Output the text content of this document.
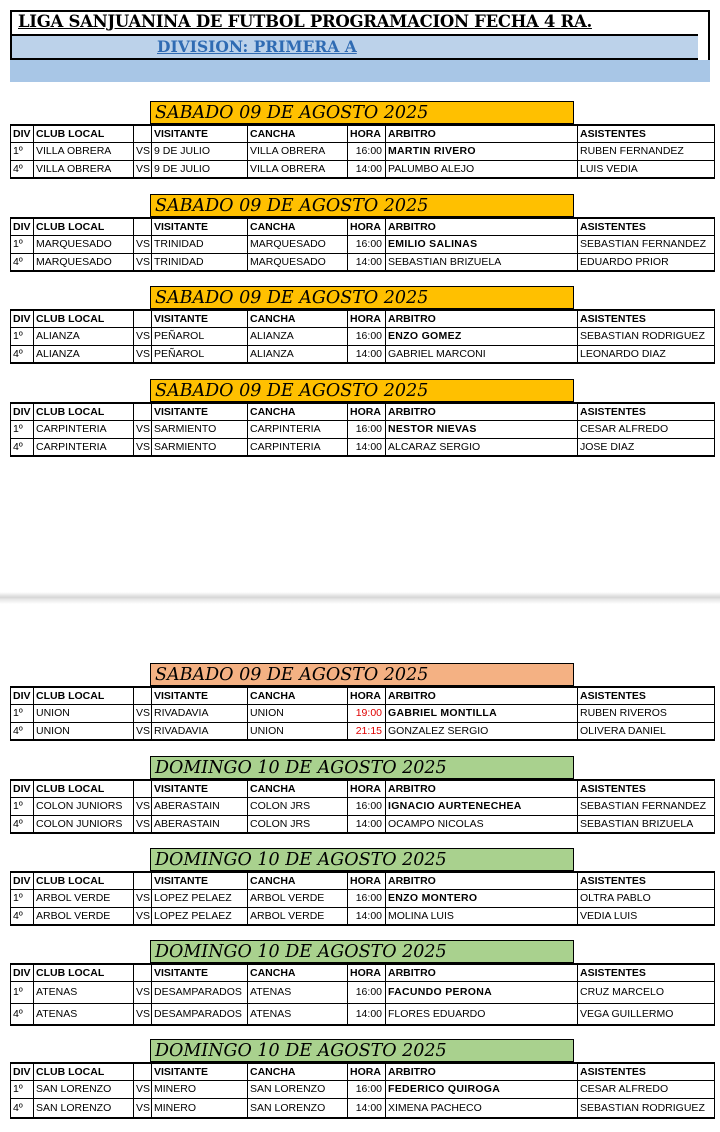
LIGA SANJUANINA DE FUTBOL PROGRAMACION FECHA 4 RA.
DIVISION: PRIMERA A
SABADO 09 DE AGOSTO 2025
DIV	CLUB LOCAL		VISITANTE	CANCHA	HORA	ARBITRO	ASISTENTES
1º	VILLA OBRERA	VS	9 DE JULIO	VILLA OBRERA	16:00	MARTIN RIVERO	RUBEN FERNANDEZ
4º	VILLA OBRERA	VS	9 DE JULIO	VILLA OBRERA	14:00	PALUMBO ALEJO	LUIS VEDIA
SABADO 09 DE AGOSTO 2025
DIV	CLUB LOCAL		VISITANTE	CANCHA	HORA	ARBITRO	ASISTENTES
1º	MARQUESADO	VS	TRINIDAD	MARQUESADO	16:00	EMILIO SALINAS	SEBASTIAN FERNANDEZ
4º	MARQUESADO	VS	TRINIDAD	MARQUESADO	14:00	SEBASTIAN BRIZUELA	EDUARDO PRIOR
SABADO 09 DE AGOSTO 2025
DIV	CLUB LOCAL		VISITANTE	CANCHA	HORA	ARBITRO	ASISTENTES
1º	ALIANZA	VS	PEÑAROL	ALIANZA	16:00	ENZO GOMEZ	SEBASTIAN RODRIGUEZ
4º	ALIANZA	VS	PEÑAROL	ALIANZA	14:00	GABRIEL MARCONI	LEONARDO DIAZ
SABADO 09 DE AGOSTO 2025
DIV	CLUB LOCAL		VISITANTE	CANCHA	HORA	ARBITRO	ASISTENTES
1º	CARPINTERIA	VS	SARMIENTO	CARPINTERIA	16:00	NESTOR NIEVAS	CESAR ALFREDO
4º	CARPINTERIA	VS	SARMIENTO	CARPINTERIA	14:00	ALCARAZ SERGIO	JOSE DIAZ
SABADO 09 DE AGOSTO 2025
DIV	CLUB LOCAL		VISITANTE	CANCHA	HORA	ARBITRO	ASISTENTES
1º	UNION	VS	RIVADAVIA	UNION	19:00	GABRIEL MONTILLA	RUBEN RIVEROS
4º	UNION	VS	RIVADAVIA	UNION	21:15	GONZALEZ SERGIO	OLIVERA DANIEL
DOMINGO 10 DE AGOSTO 2025
DIV	CLUB LOCAL		VISITANTE	CANCHA	HORA	ARBITRO	ASISTENTES
1º	COLON JUNIORS	VS	ABERASTAIN	COLON JRS	16:00	IGNACIO AURTENECHEA	SEBASTIAN FERNANDEZ
4º	COLON JUNIORS	VS	ABERASTAIN	COLON JRS	14:00	OCAMPO NICOLAS	SEBASTIAN BRIZUELA
DOMINGO 10 DE AGOSTO 2025
DIV	CLUB LOCAL		VISITANTE	CANCHA	HORA	ARBITRO	ASISTENTES
1º	ARBOL VERDE	VS	LOPEZ PELAEZ	ARBOL VERDE	16:00	ENZO MONTERO	OLTRA PABLO
4º	ARBOL VERDE	VS	LOPEZ PELAEZ	ARBOL VERDE	14:00	MOLINA LUIS	VEDIA LUIS
DOMINGO 10 DE AGOSTO 2025
DIV	CLUB LOCAL		VISITANTE	CANCHA	HORA	ARBITRO	ASISTENTES
1º	ATENAS	VS	DESAMPARADOS	ATENAS	16:00	FACUNDO PERONA	CRUZ MARCELO
4º	ATENAS	VS	DESAMPARADOS	ATENAS	14:00	FLORES EDUARDO	VEGA GUILLERMO
DOMINGO 10 DE AGOSTO 2025
DIV	CLUB LOCAL		VISITANTE	CANCHA	HORA	ARBITRO	ASISTENTES
1º	SAN LORENZO	VS	MINERO	SAN LORENZO	16:00	FEDERICO QUIROGA	CESAR ALFREDO
4º	SAN LORENZO	VS	MINERO	SAN LORENZO	14:00	XIMENA PACHECO	SEBASTIAN RODRIGUEZ
